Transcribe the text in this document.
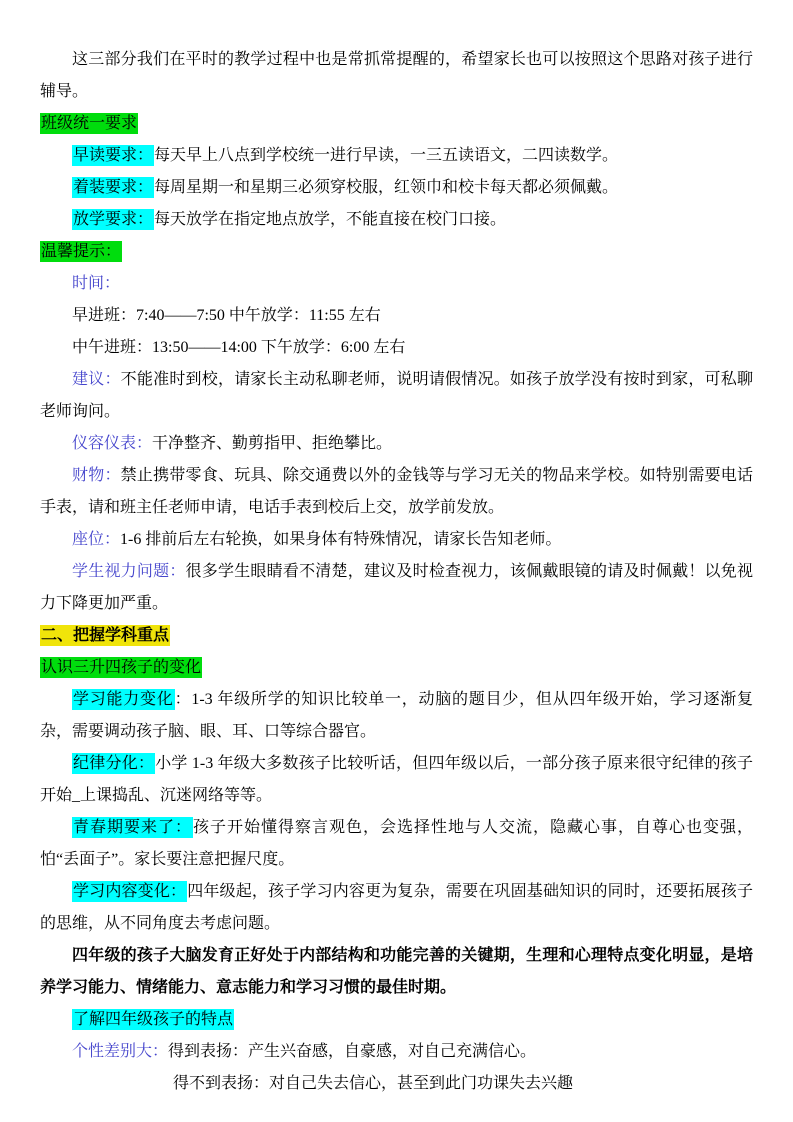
这三部分我们在平时的教学过程中也是常抓常提醒的，希望家长也可以按照这个思路对孩子进行辅导。

班级统一要求

早读要求：每天早上八点到学校统一进行早读，一三五读语文，二四读数学。

着装要求：每周星期一和星期三必须穿校服，红领巾和校卡每天都必须佩戴。

放学要求：每天放学在指定地点放学，不能直接在校门口接。

温馨提示：

时间：

早进班：7:40——7:50 中午放学：11:55 左右

中午进班：13:50——14:00 下午放学：6:00 左右

建议：不能准时到校，请家长主动私聊老师，说明请假情况。如孩子放学没有按时到家，可私聊老师询问。

仪容仪表：干净整齐、勤剪指甲、拒绝攀比。

财物：禁止携带零食、玩具、除交通费以外的金钱等与学习无关的物品来学校。如特别需要电话手表，请和班主任老师申请，电话手表到校后上交，放学前发放。

座位：1-6 排前后左右轮换，如果身体有特殊情况，请家长告知老师。

学生视力问题：很多学生眼睛看不清楚，建议及时检查视力，该佩戴眼镜的请及时佩戴！以免视力下降更加严重。

二、把握学科重点

认识三升四孩子的变化

学习能力变化：1-3 年级所学的知识比较单一，动脑的题目少，但从四年级开始，学习逐渐复杂，需要调动孩子脑、眼、耳、口等综合器官。

纪律分化：小学 1-3 年级大多数孩子比较听话，但四年级以后，一部分孩子原来很守纪律的孩子开始_上课捣乱、沉迷网络等等。

青春期要来了：孩子开始懂得察言观色，会选择性地与人交流，隐藏心事，自尊心也变强，怕“丢面子”。家长要注意把握尺度。

学习内容变化：四年级起，孩子学习内容更为复杂，需要在巩固基础知识的同时，还要拓展孩子的思维，从不同角度去考虑问题。

四年级的孩子大脑发育正好处于内部结构和功能完善的关键期，生理和心理特点变化明显，是培养学习能力、情绪能力、意志能力和学习习惯的最佳时期。

了解四年级孩子的特点

个性差别大：得到表扬：产生兴奋感，自豪感，对自己充满信心。

得不到表扬：对自己失去信心，甚至到此门功课失去兴趣
